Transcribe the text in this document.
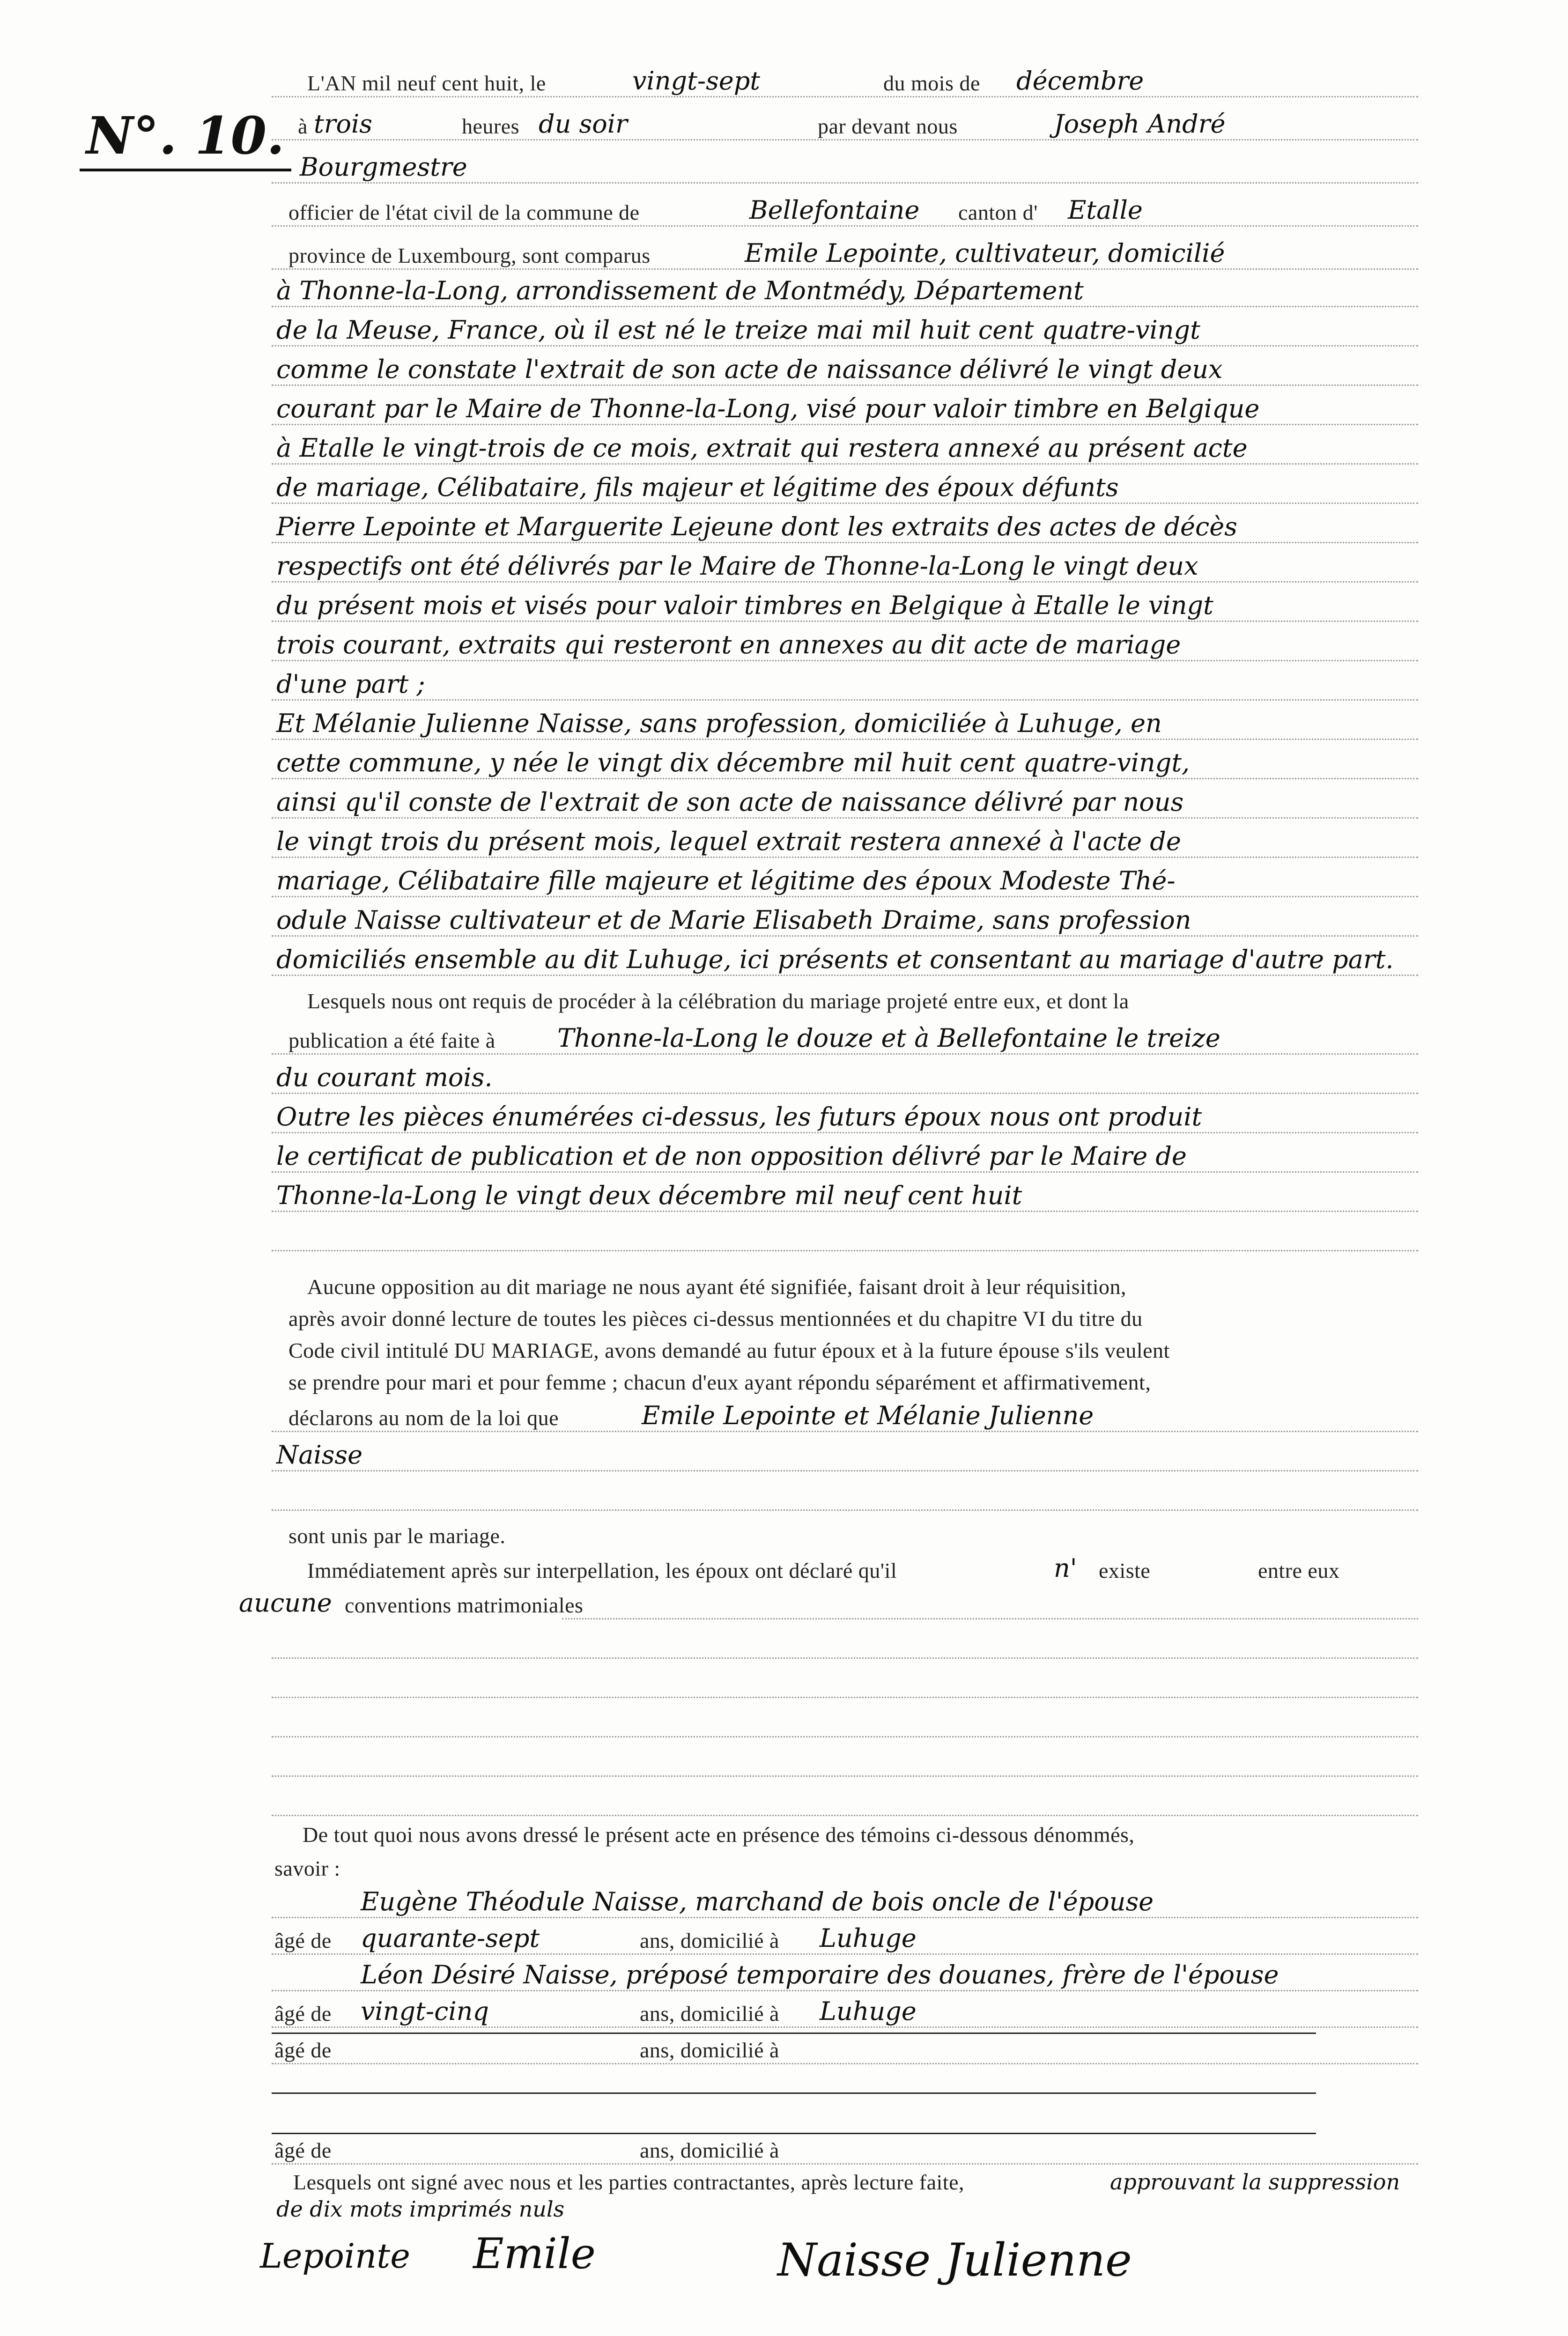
N°. 10.
L'AN mil neuf cent huit, le	vingt-sept	du mois de décembre
à trois	heures du soir	par devant nous	Joseph André
Bourgmestre
officier de l'état civil de la commune de	Bellefontaine canton d' Etalle
province de Luxembourg, sont comparus	Emile Lepointe, cultivateur, domicilié
à Thonne-la-Long, arrondissement de Montmédy, Département
de la Meuse, France, où il est né le treize mai mil huit cent quatre-vingt
comme le constate l'extrait de son acte de naissance délivré le vingt deux
courant par le Maire de Thonne-la-Long, visé pour valoir timbre en Belgique
à Etalle le vingt-trois de ce mois, extrait qui restera annexé au présent acte
de mariage, Célibataire, fils majeur et légitime des époux défunts
Pierre Lepointe et Marguerite Lejeune dont les extraits des actes de décès
respectifs ont été délivrés par le Maire de Thonne-la-Long le vingt deux
du présent mois et visés pour valoir timbres en Belgique à Etalle le vingt
trois courant, extraits qui resteront en annexes au dit acte de mariage
d'une part ;
Et Mélanie Julienne Naisse, sans profession, domiciliée à Luhuge, en
cette commune, y née le vingt dix décembre mil huit cent quatre-vingt,
ainsi qu'il conste de l'extrait de son acte de naissance délivré par nous
le vingt trois du présent mois, lequel extrait restera annexé à l'acte de
mariage, Célibataire fille majeure et légitime des époux Modeste Thé-
odule Naisse cultivateur et de Marie Elisabeth Draime, sans profession
domiciliés ensemble au dit Luhuge, ici présents et consentant au mariage d'autre part.
Lesquels nous ont requis de procéder à la célébration du mariage projeté entre eux, et dont la
publication a été faite à Thonne-la-Long le douze et à Bellefontaine le treize
du courant mois.
Outre les pièces énumérées ci-dessus, les futurs époux nous ont produit
le certificat de publication et de non opposition délivré par le Maire de
Thonne-la-Long le vingt deux décembre mil neuf cent huit
Aucune opposition au dit mariage ne nous ayant été signifiée, faisant droit à leur réquisition,
après avoir donné lecture de toutes les pièces ci-dessus mentionnées et du chapitre VI du titre du
Code civil intitulé DU MARIAGE, avons demandé au futur époux et à la future épouse s'ils veulent
se prendre pour mari et pour femme ; chacun d'eux ayant répondu séparément et affirmativement,
déclarons au nom de la loi que	Emile Lepointe et Mélanie Julienne
Naisse
sont unis par le mariage.
Immédiatement après sur interpellation, les époux ont déclaré qu'il	n' existe	entre eux
aucune conventions matrimoniales
De tout quoi nous avons dressé le présent acte en présence des témoins ci-dessous dénommés,
savoir :
Eugène Théodule Naisse, marchand de bois oncle de l'épouse
âgé de quarante-sept	ans, domicilié à Luhuge
Léon Désiré Naisse, préposé temporaire des douanes, frère de l'épouse
âgé de vingt-cinq	ans, domicilié à Luhuge
âgé de	ans, domicilié à
âgé de	ans, domicilié à
Lesquels ont signé avec nous et les parties contractantes, après lecture faite,	approuvant la suppression
de dix mots imprimés nuls
Lepointe Emile	Naisse Julienne
